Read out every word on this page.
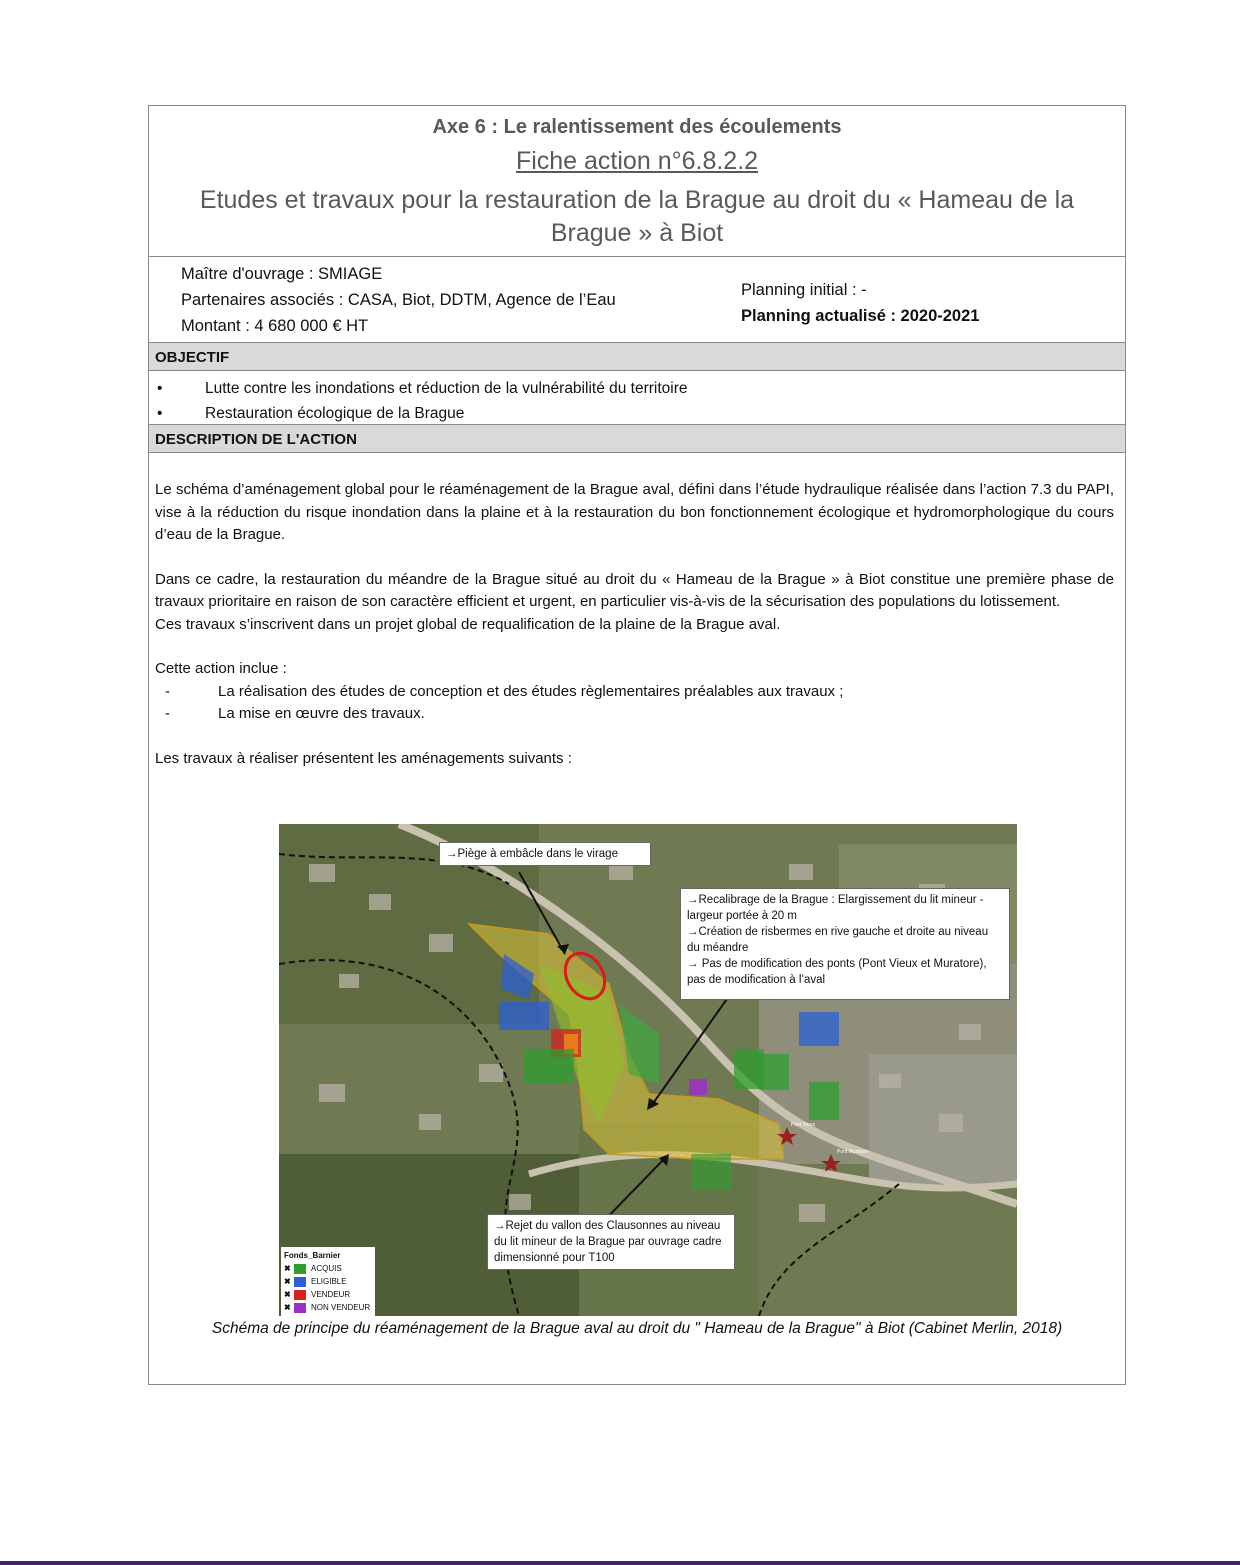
Axe 6 : Le ralentissement des écoulements
Fiche action n°6.8.2.2
Etudes et travaux pour la restauration de la Brague au droit du « Hameau de la Brague » à Biot
Maître d'ouvrage : SMIAGE
Partenaires associés : CASA, Biot, DDTM, Agence de l’Eau
Montant : 4 680 000 € HT
Planning initial : -
Planning actualisé : 2020-2021
OBJECTIF
•	Lutte contre les inondations et réduction de la vulnérabilité du territoire
•	Restauration écologique de la Brague
DESCRIPTION DE L'ACTION

Le schéma d’aménagement global pour le réaménagement de la Brague aval, défini dans l’étude hydraulique réalisée dans l’action 7.3 du PAPI, vise à la réduction du risque inondation dans la plaine et à la restauration du bon fonctionnement écologique et hydromorphologique du cours d’eau de la Brague.

Dans ce cadre, la restauration du méandre de la Brague situé au droit du « Hameau de la Brague » à Biot constitue une première phase de travaux prioritaire en raison de son caractère efficient et urgent, en particulier vis-à-vis de la sécurisation des populations du lotissement.

Ces travaux s’inscrivent dans un projet global de requalification de la plaine de la Brague aval.

Cette action inclue :

-	La réalisation des études de conception et des études règlementaires préalables aux travaux ;
-	La mise en œuvre des travaux.

Les travaux à réaliser présentent les aménagements suivants :

Pont Vieux
Pont Muratore
→Piège à embâcle dans le virage
→Recalibrage de la Brague : Elargissement du lit mineur - largeur portée à 20 m
→Création de risbermes en rive gauche et droite au niveau du méandre
→ Pas de modification des ponts (Pont Vieux et Muratore), pas de modification à l’aval
→Rejet du vallon des Clausonnes au niveau du lit mineur de la Brague par ouvrage cadre dimensionné pour T100
Fonds_Barnier
✖	ACQUIS
✖	ELIGIBLE
✖	VENDEUR
✖	NON VENDEUR
Schéma de principe du réaménagement de la Brague aval au droit du " Hameau de la Brague" à Biot (Cabinet Merlin, 2018)
